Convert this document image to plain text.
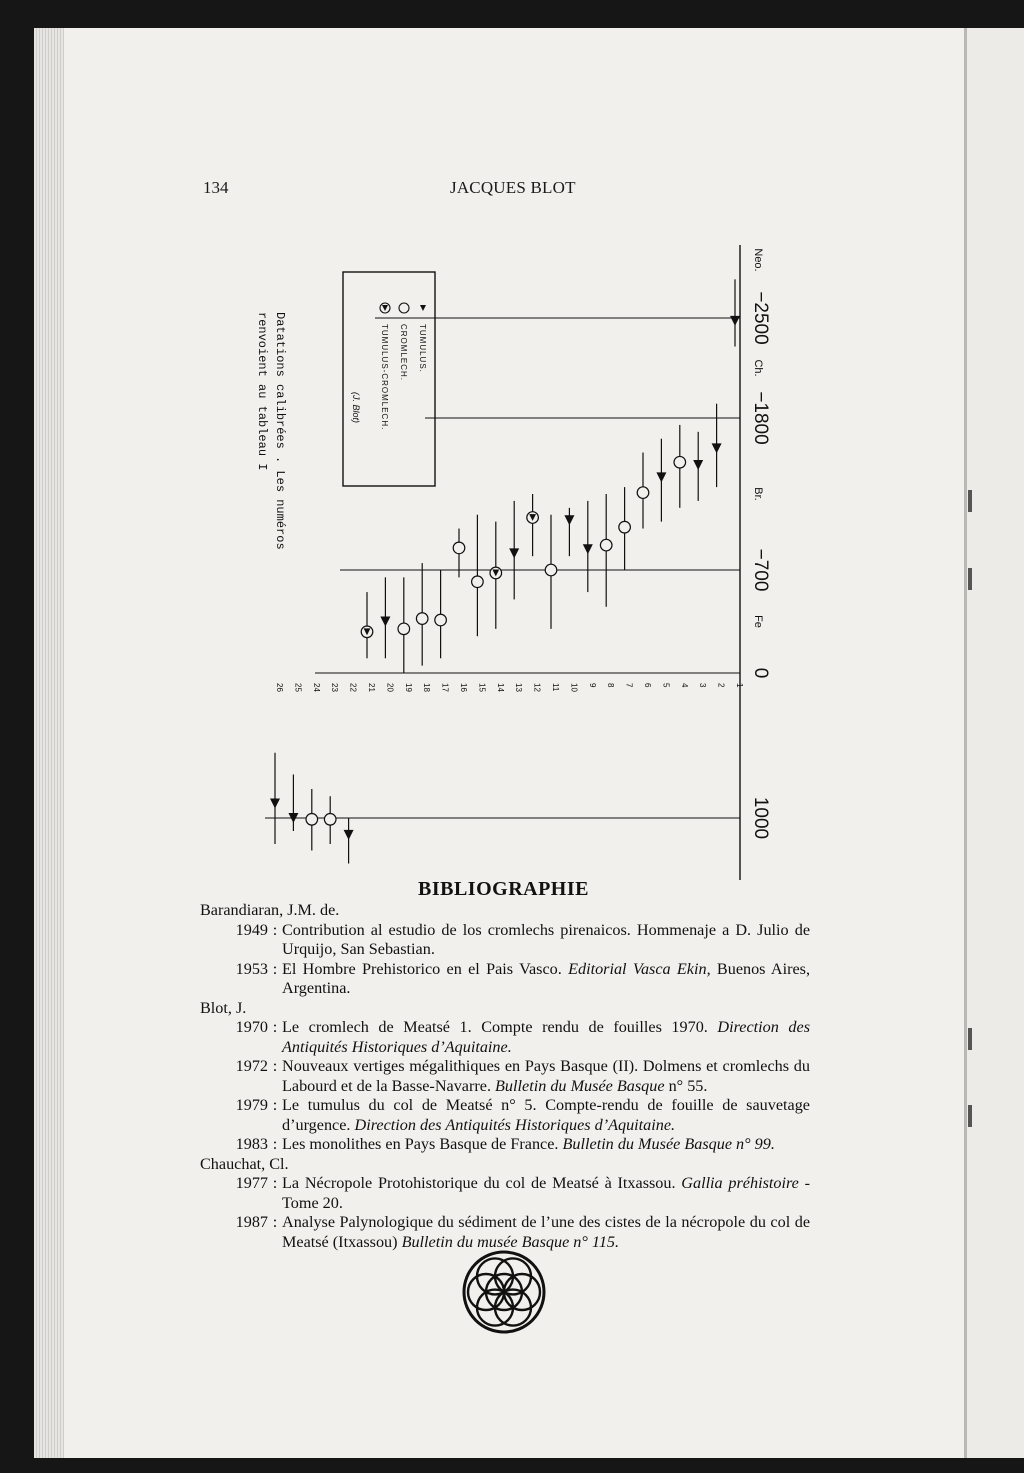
134	JACQUES BLOT
−2500
−1800
−700
0
1000
Neo.
Ch.
Br.
Fe
1
2
3
4
5
6
7
8
9
10
11
12
13
14
15
16
17
18
19
20
21
22
23
24
25
26
TUMULUS.
CROMLECH.
TUMULUS-CROMLECH.
(J. Blot)
Datations calibrées . Les numéros
renvoient au tableau I
BIBLIOGRAPHIE
Barandiaran, J.M. de.
1949 : Contribution al estudio de los cromlechs pirenaicos. Hommenaje a D. Julio de Urquijo, San Sebastian.
1953 : El Hombre Prehistorico en el Pais Vasco. Editorial Vasca Ekin, Buenos Aires, Argentina.
Blot, J.
1970 : Le cromlech de Meatsé 1. Compte rendu de fouilles 1970. Direction des Antiquités Historiques d’Aquitaine.
1972 : Nouveaux vertiges mégalithiques en Pays Basque (II). Dolmens et cromlechs du Labourd et de la Basse-Navarre. Bulletin du Musée Basque n° 55.
1979 : Le tumulus du col de Meatsé n° 5. Compte-rendu de fouille de sauvetage d’urgence. Direction des Antiquités Historiques d’Aquitaine.
1983 : Les monolithes en Pays Basque de France. Bulletin du Musée Basque n° 99.
Chauchat, Cl.
1977 : La Nécropole Protohistorique du col de Meatsé à Itxassou. Gallia préhistoire - Tome 20.
1987 : Analyse Palynologique du sédiment de l’une des cistes de la nécropole du col de Meatsé (Itxassou) Bulletin du musée Basque n° 115.
